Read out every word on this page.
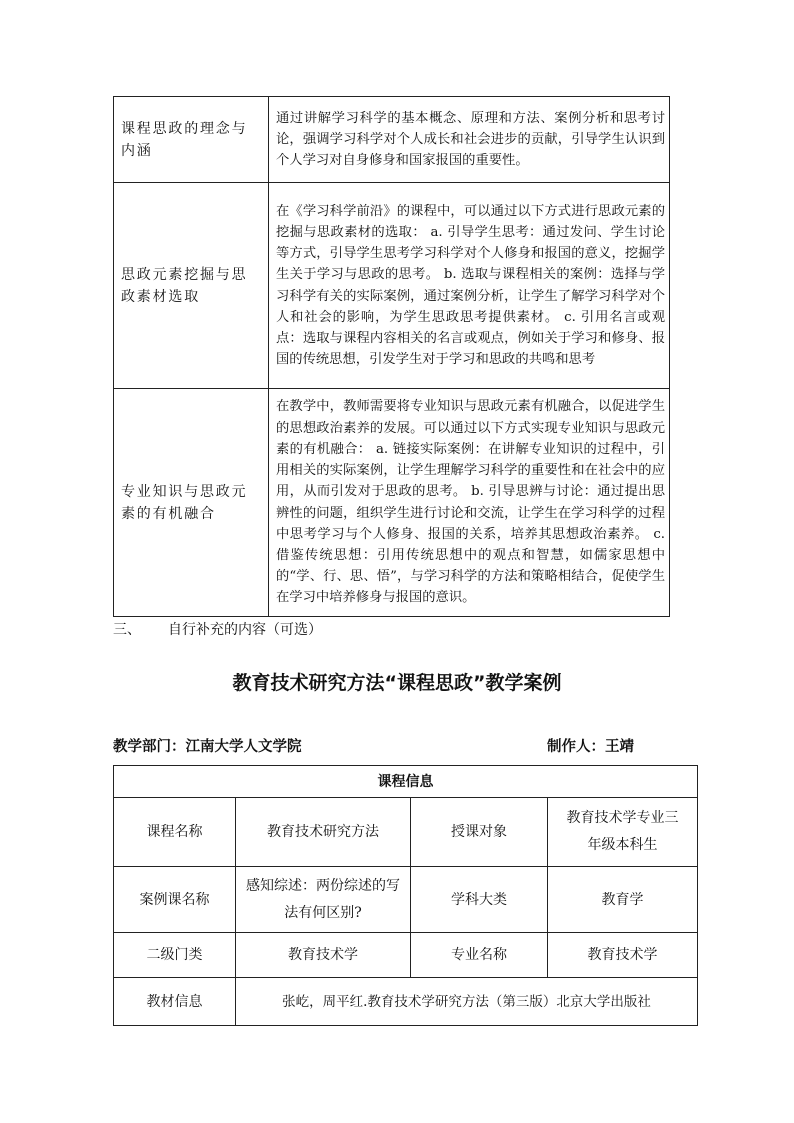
课程思政的理念与内涵	通过讲解学习科学的基本概念、原理和方法、案例分析和思考讨论，强调学习科学对个人成长和社会进步的贡献，引导学生认识到个人学习对自身修身和国家报国的重要性。
思政元素挖掘与思政素材选取	在《学习科学前沿》的课程中，可以通过以下方式进行思政元素的挖掘与思政素材的选取： a. 引导学生思考：通过发问、学生讨论等方式，引导学生思考学习科学对个人修身和报国的意义，挖掘学生关于学习与思政的思考。 b. 选取与课程相关的案例：选择与学习科学有关的实际案例，通过案例分析，让学生了解学习科学对个人和社会的影响，为学生思政思考提供素材。 c. 引用名言或观点：选取与课程内容相关的名言或观点，例如关于学习和修身、报国的传统思想，引发学生对于学习和思政的共鸣和思考
专业知识与思政元素的有机融合	在教学中，教师需要将专业知识与思政元素有机融合，以促进学生的思想政治素养的发展。可以通过以下方式实现专业知识与思政元素的有机融合： a. 链接实际案例：在讲解专业知识的过程中，引用相关的实际案例，让学生理解学习科学的重要性和在社会中的应用，从而引发对于思政的思考。 b. 引导思辨与讨论：通过提出思辨性的问题，组织学生进行讨论和交流，让学生在学习科学的过程中思考学习与个人修身、报国的关系，培养其思想政治素养。 c. 借鉴传统思想：引用传统思想中的观点和智慧，如儒家思想中的“学、行、思、悟”，与学习科学的方法和策略相结合，促使学生在学习中培养修身与报国的意识。
三、 自行补充的内容（可选）
教育技术研究方法“课程思政”教学案例
教学部门：江南大学人文学院	制作人：王靖
课程信息			
课程名称	教育技术研究方法	授课对象	教育技术学专业三年级本科生
案例课名称	感知综述：两份综述的写法有何区别?	学科大类	教育学
二级门类	教育技术学	专业名称	教育技术学
教材信息	张屹，周平红.教育技术学研究方法（第三版）北京大学出版社		
